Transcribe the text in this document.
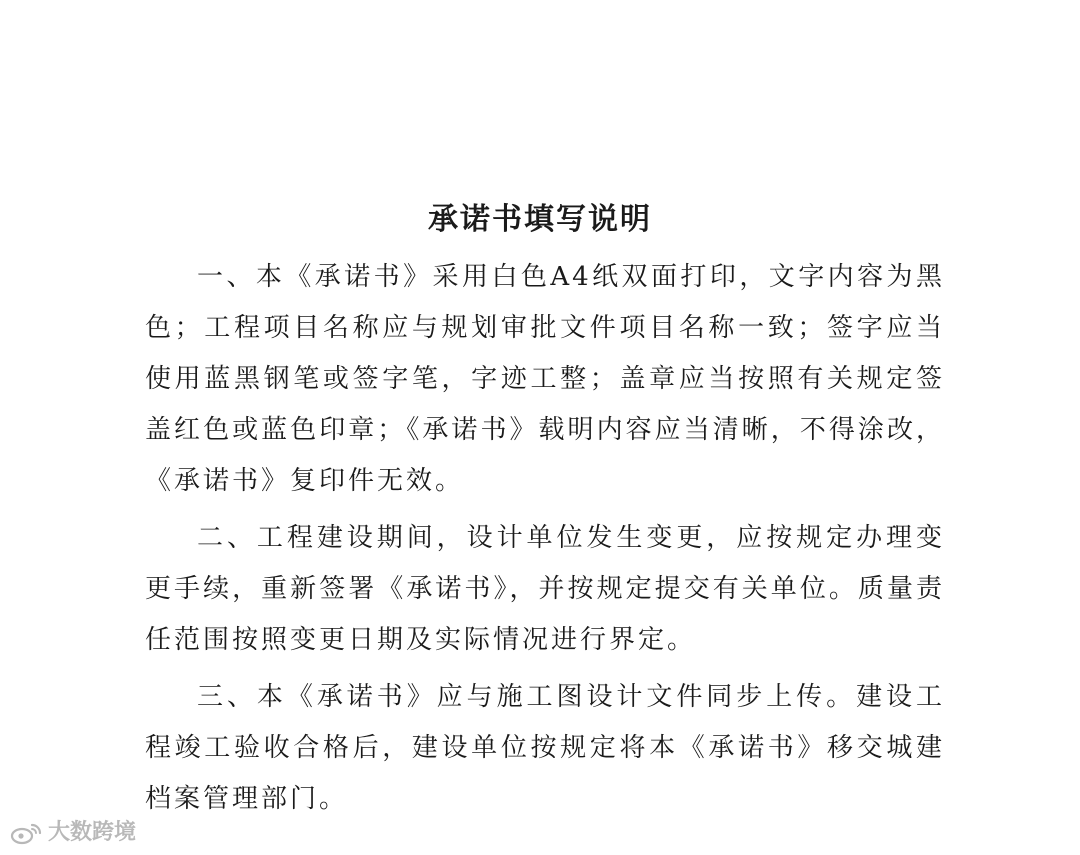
承诺书填写说明

一、本《承诺书》采用白色A4纸双面打印，文字内容为黑色；工程项目名称应与规划审批文件项目名称一致；签字应当使用蓝黑钢笔或签字笔，字迹工整；盖章应当按照有关规定签盖红色或蓝色印章；《承诺书》载明内容应当清晰，不得涂改，《承诺书》复印件无效。

二、工程建设期间，设计单位发生变更，应按规定办理变更手续，重新签署《承诺书》，并按规定提交有关单位。质量责任范围按照变更日期及实际情况进行界定。

三、本《承诺书》应与施工图设计文件同步上传。建设工程竣工验收合格后，建设单位按规定将本《承诺书》移交城建档案管理部门。

大数跨境
